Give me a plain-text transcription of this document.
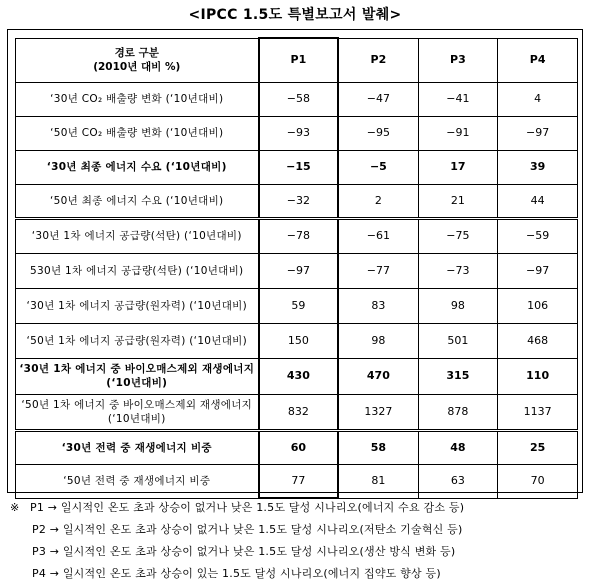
<IPCC 1.5도 특별보고서 발췌>
경로 구분
(2010년 대비 %)	P1	P2	P3	P4
‘30년 CO₂ 배출량 변화 (‘10년대비)	−58	−47	−41	4
‘50년 CO₂ 배출량 변화 (‘10년대비)	−93	−95	−91	−97
‘30년 최종 에너지 수요 (‘10년대비)	−15	−5	17	39
‘50년 최종 에너지 수요 (‘10년대비)	−32	2	21	44
‘30년 1차 에너지 공급량(석탄) (‘10년대비)	−78	−61	−75	−59
530년 1차 에너지 공급량(석탄) (‘10년대비)	−97	−77	−73	−97
‘30년 1차 에너지 공급량(원자력) (‘10년대비)	59	83	98	106
‘50년 1차 에너지 공급량(원자력) (‘10년대비)	150	98	501	468
‘30년 1차 에너지 중 바이오매스제외 재생에너지 (‘10년대비)	430	470	315	110
‘50년 1차 에너지 중 바이오매스제외 재생에너지 (‘10년대비)	832	1327	878	1137
‘30년 전력 중 재생에너지 비중	60	58	48	25
‘50년 전력 중 재생에너지 비중	77	81	63	70
※ P1 → 일시적인 온도 초과 상승이 없거나 낮은 1.5도 달성 시나리오(에너지 수요 감소 등)
P2 → 일시적인 온도 초과 상승이 없거나 낮은 1.5도 달성 시나리오(저탄소 기술혁신 등)
P3 → 일시적인 온도 초과 상승이 없거나 낮은 1.5도 달성 시나리오(생산 방식 변화 등)
P4 → 일시적인 온도 초과 상승이 있는 1.5도 달성 시나리오(에너지 집약도 향상 등)
